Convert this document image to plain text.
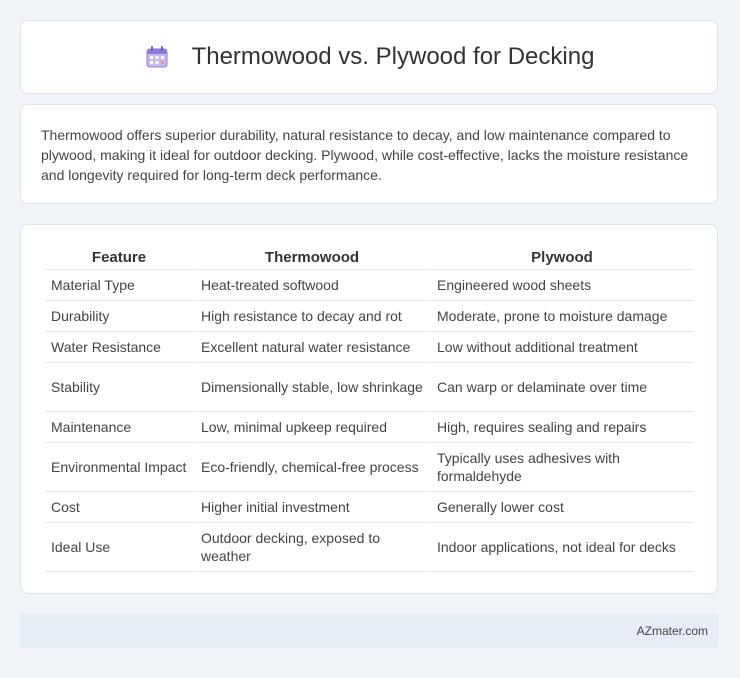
Thermowood vs. Plywood for Decking

Thermowood offers superior durability, natural resistance to decay, and low maintenance compared to plywood, making it ideal for outdoor decking. Plywood, while cost-effective, lacks the moisture resistance and longevity required for long-term deck performance.

Feature	Thermowood	Plywood
Material Type	Heat-treated softwood	Engineered wood sheets
Durability	High resistance to decay and rot	Moderate, prone to moisture damage
Water Resistance	Excellent natural water resistance	Low without additional treatment
Stability	Dimensionally stable, low shrinkage	Can warp or delaminate over time
Maintenance	Low, minimal upkeep required	High, requires sealing and repairs
Environmental Impact	Eco-friendly, chemical-free process	Typically uses adhesives with formaldehyde
Cost	Higher initial investment	Generally lower cost
Ideal Use	Outdoor decking, exposed to weather	Indoor applications, not ideal for decks
AZmater.com
